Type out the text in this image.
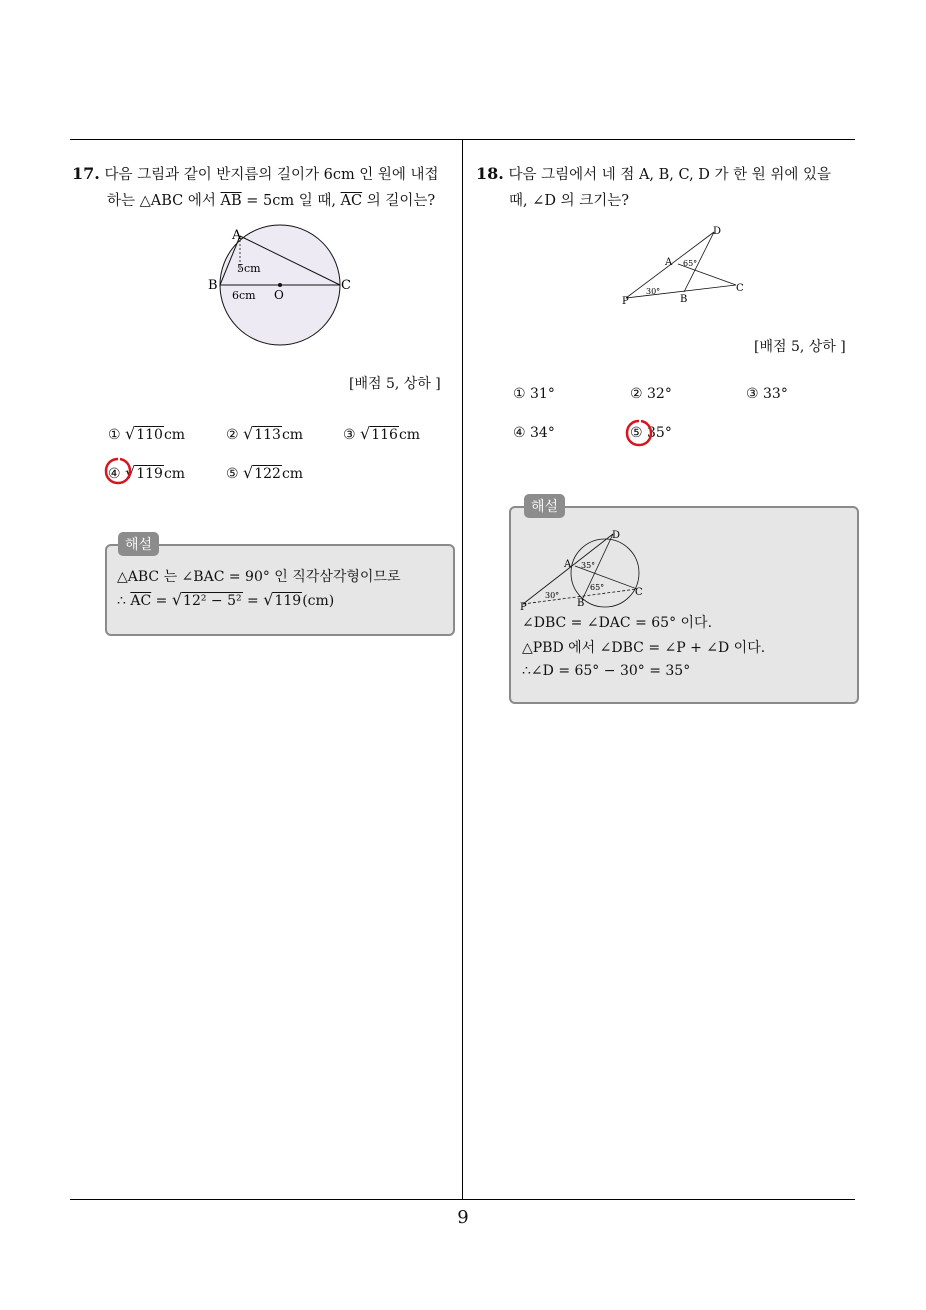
17. 다음 그림과 같이 반지름의 길이가 6cm 인 원에 내접
하는 △ABC 에서 $\overline{AB} = 5cm$ 일 때, $\overline{AC}$ 의 길이는?
A
B	C
O
5cm
6cm
[배점 5, 상하 ]
① √110cm	② √113cm	③ √116cm
④ √119cm	⑤ √122cm
해설
△ABC 는 ∠BAC = 90° 인 직각삼각형이므로
∴ $\overline{AC} = √12^2 - 5^2 = √119(cm)$
18. 다음 그림에서 네 점 A, B, C, D 가 한 원 위에 있을
때, ∠D 의 크기는?
D
A
B
C
P
65°
30°
[배점 5, 상하 ]
① 31°	② 32°	③ 33°
④ 34°	⑤ 35°
해설
D
A
B
C
P
35°
65°
30°
∠DBC = ∠DAC = 65° 이다.
△PBD 에서 ∠DBC = ∠P + ∠D 이다.
∴∠D = 65° − 30° = 35°
9
